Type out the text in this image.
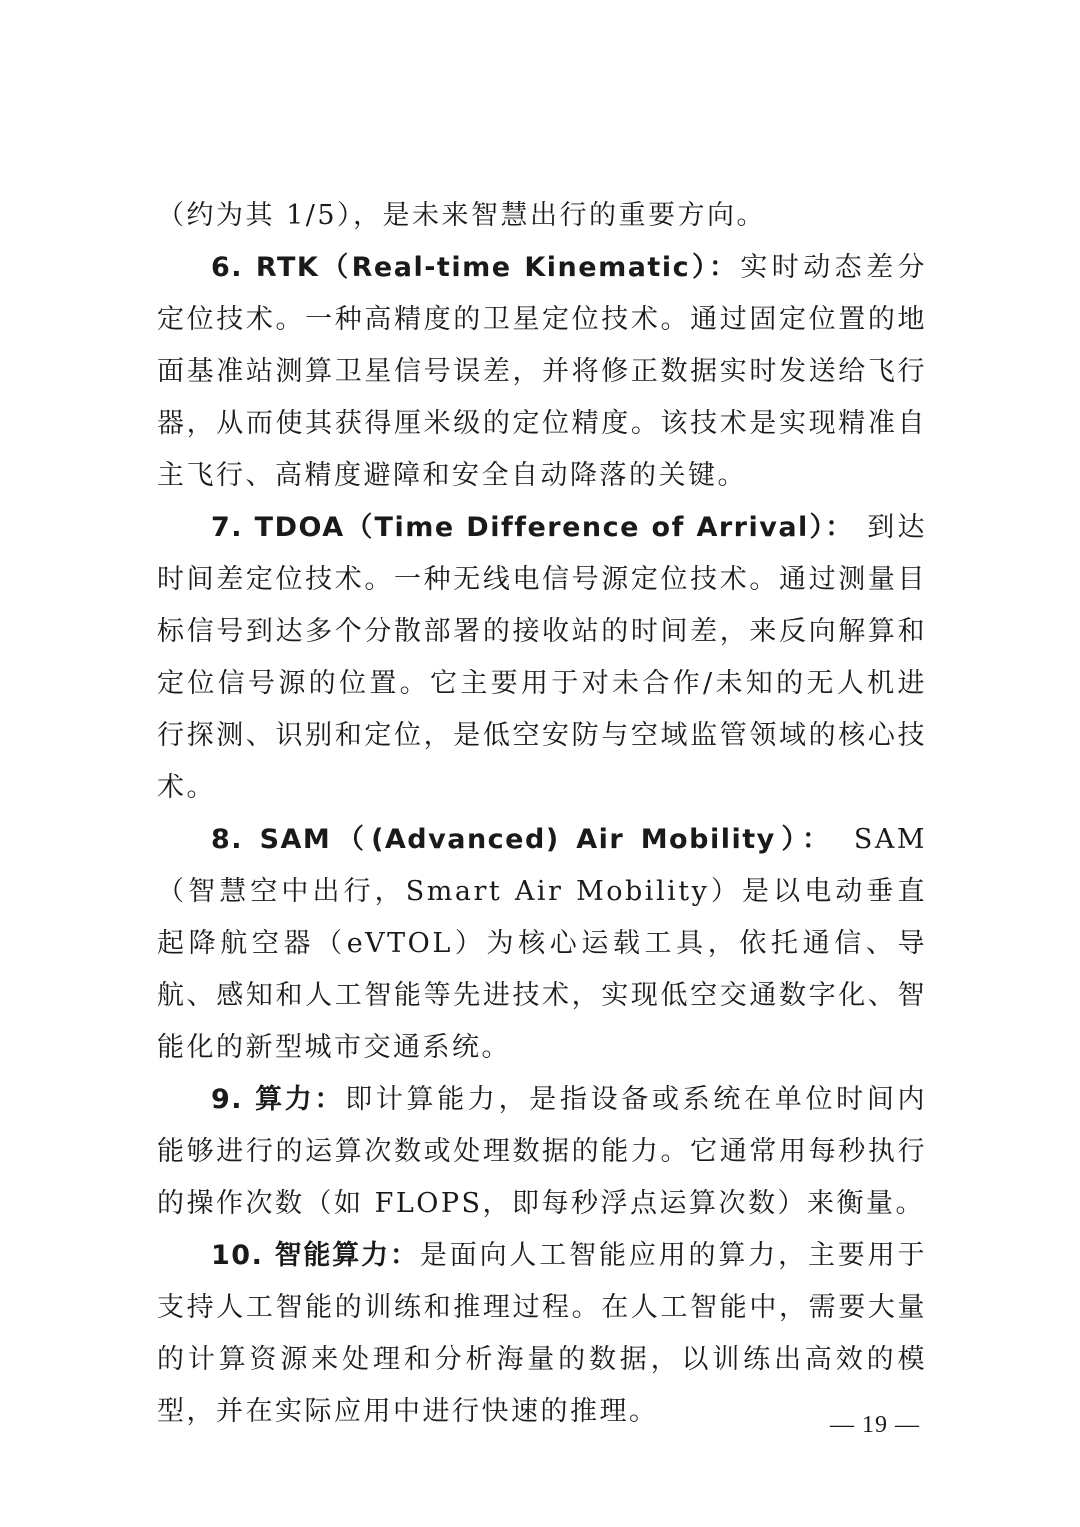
（约为其 1/5），是未来智慧出行的重要方向。

6. RTK（Real-time Kinematic）：实时动态差分定位技术。一种高精度的卫星定位技术。通过固定位置的地面基准站测算卫星信号误差，并将修正数据实时发送给飞行器，从而使其获得厘米级的定位精度。该技术是实现精准自主飞行、高精度避障和安全自动降落的关键。

7. TDOA（Time Difference of Arrival）： 到达时间差定位技术。一种无线电信号源定位技术。通过测量目标信号到达多个分散部署的接收站的时间差，来反向解算和定位信号源的位置。它主要用于对未合作/未知的无人机进行探测、识别和定位，是低空安防与空域监管领域的核心技术。

8. SAM（(Advanced) Air Mobility）： SAM（智慧空中出行，Smart Air Mobility）是以电动垂直起降航空器（eVTOL）为核心运载工具，依托通信、导航、感知和人工智能等先进技术，实现低空交通数字化、智能化的新型城市交通系统。

9. 算力：即计算能力，是指设备或系统在单位时间内能够进行的运算次数或处理数据的能力。它通常用每秒执行的操作次数（如 FLOPS，即每秒浮点运算次数）来衡量。

10. 智能算力：是面向人工智能应用的算力，主要用于支持人工智能的训练和推理过程。在人工智能中，需要大量的计算资源来处理和分析海量的数据，以训练出高效的模型，并在实际应用中进行快速的推理。	— 19 —
